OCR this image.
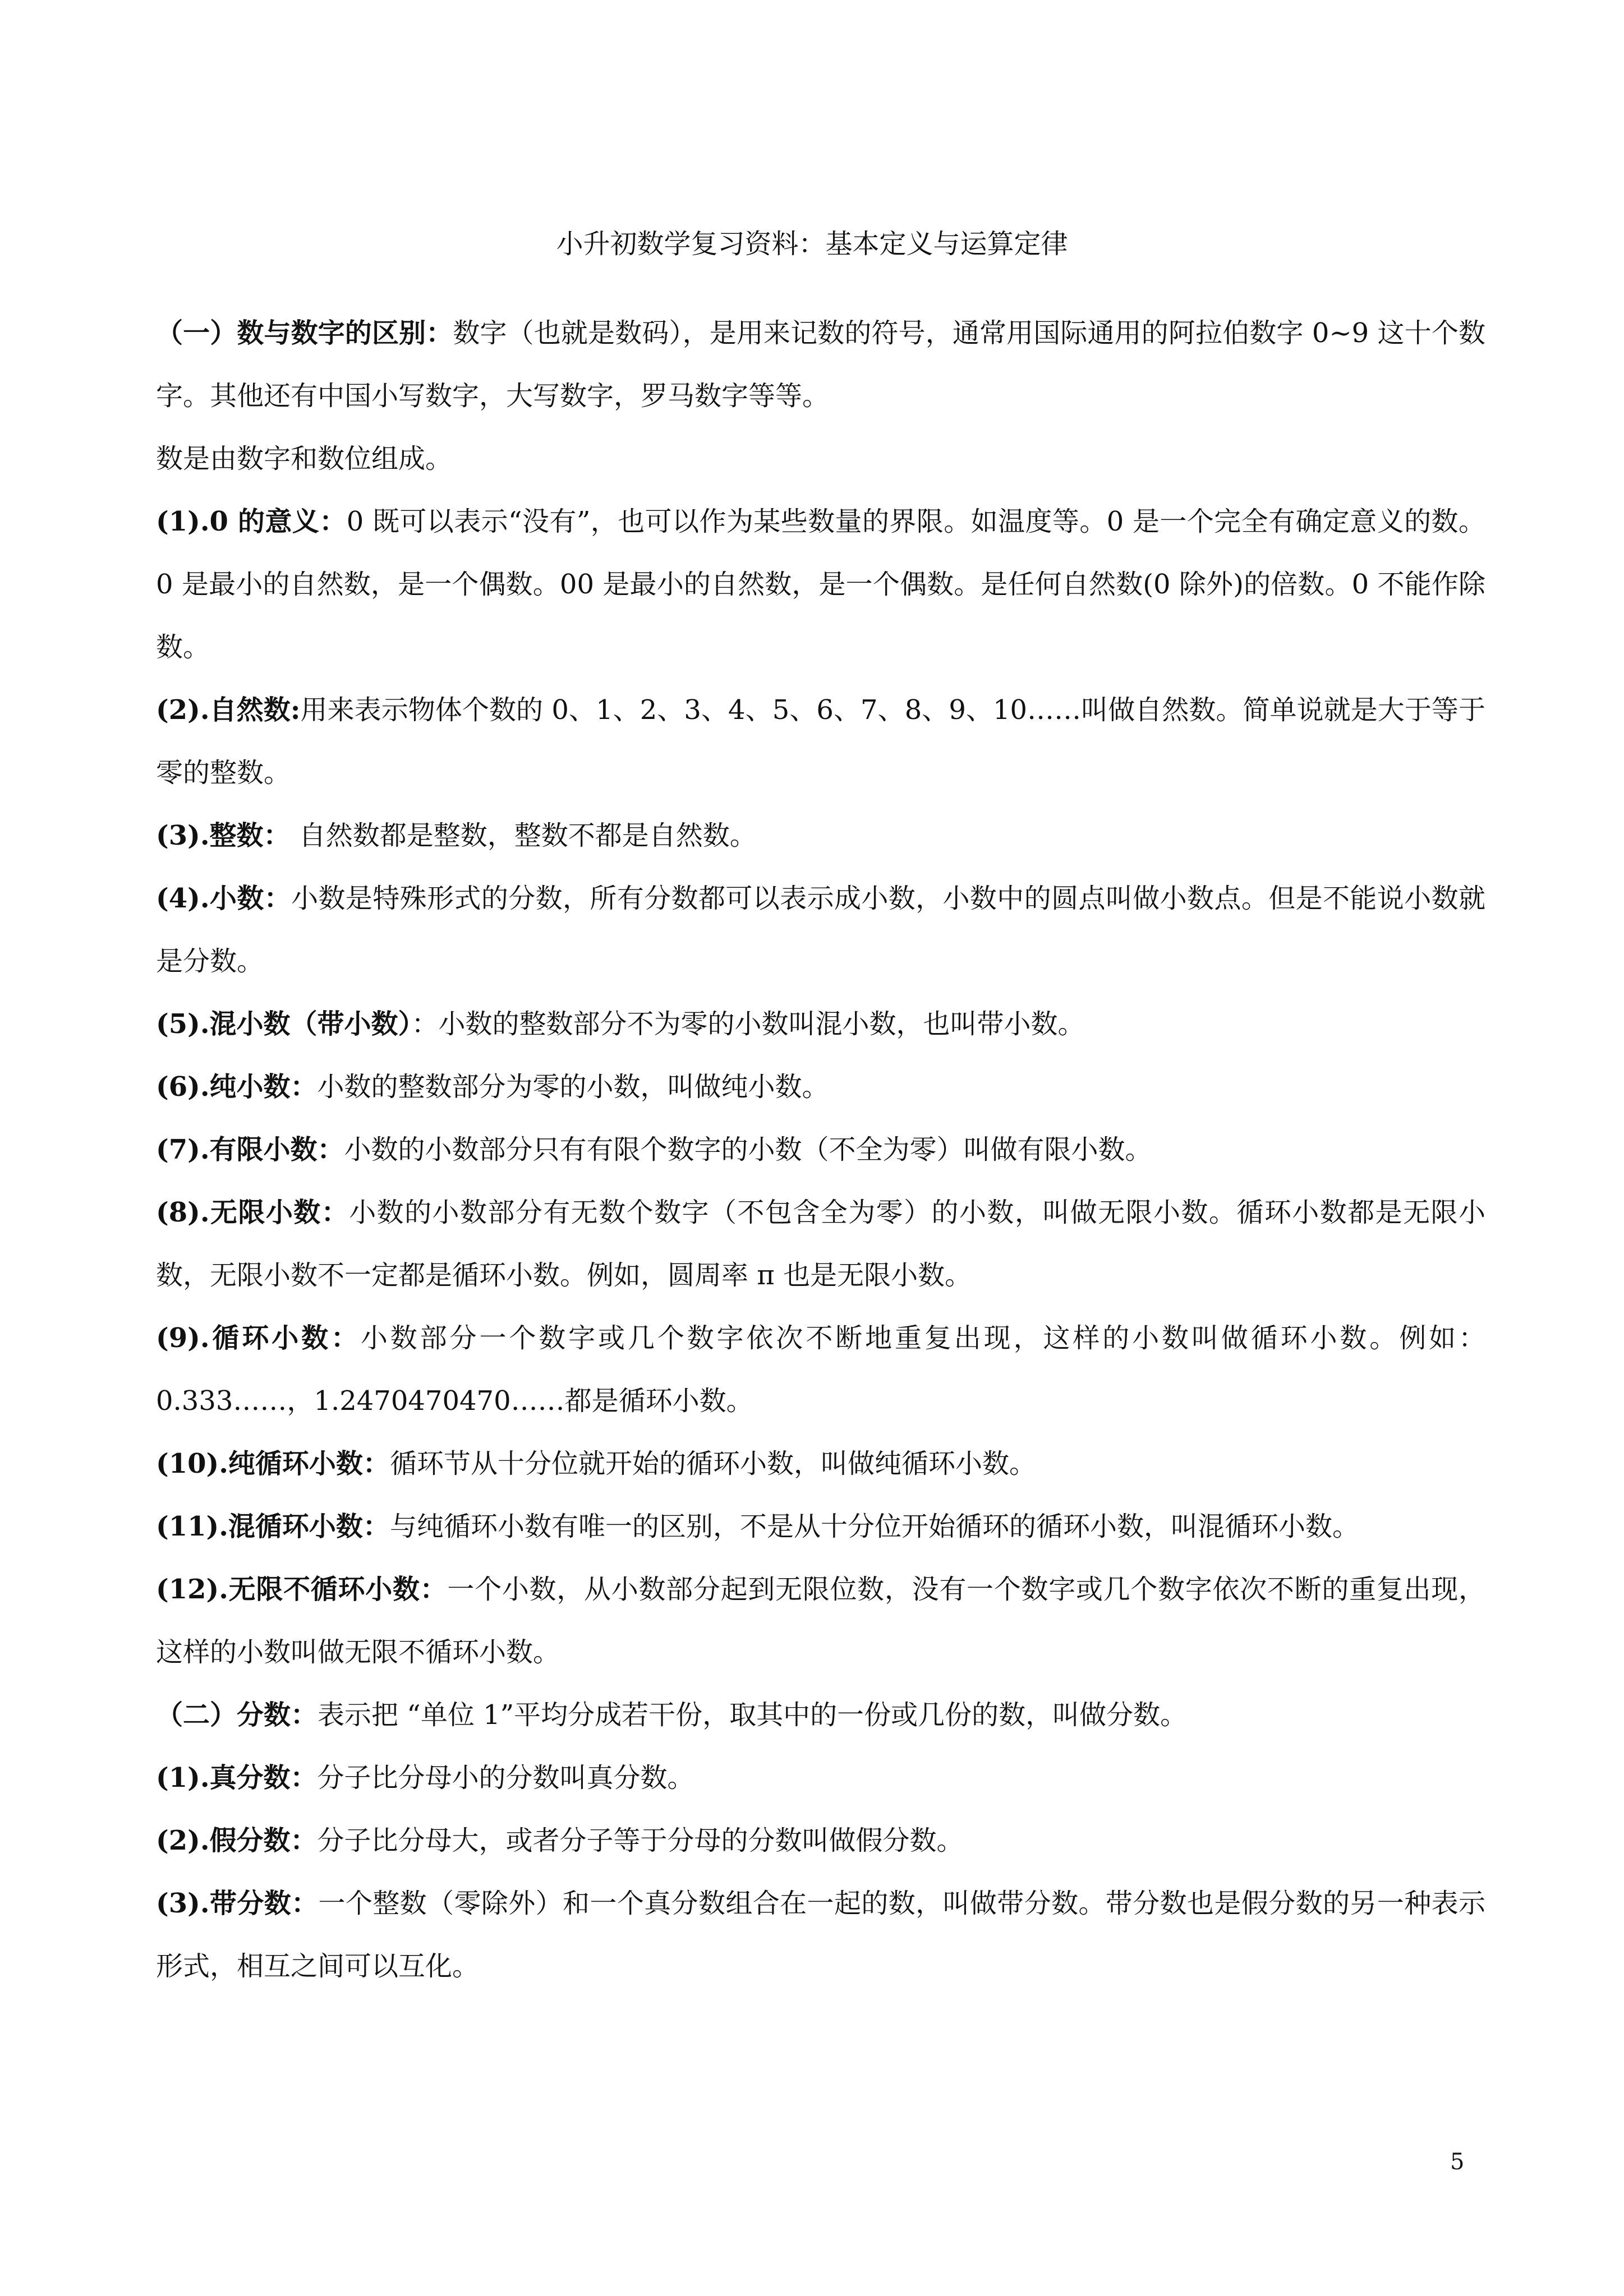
小升初数学复习资料：基本定义与运算定律
（一）数与数字的区别：数字（也就是数码），是用来记数的符号，通常用国际通用的阿拉伯数字 0~9 这十个数字。其他还有中国小写数字，大写数字，罗马数字等等。
数是由数字和数位组成。
(1).0 的意义：0 既可以表示“没有”，也可以作为某些数量的界限。如温度等。0 是一个完全有确定意义的数。0 是最小的自然数，是一个偶数。00 是最小的自然数，是一个偶数。是任何自然数(0 除外)的倍数。0 不能作除数。
(2).自然数:用来表示物体个数的 0、1、2、3、4、5、6、7、8、9、10……叫做自然数。简单说就是大于等于零的整数。
(3).整数： 自然数都是整数，整数不都是自然数。
(4).小数：小数是特殊形式的分数，所有分数都可以表示成小数，小数中的圆点叫做小数点。但是不能说小数就是分数。
(5).混小数（带小数）：小数的整数部分不为零的小数叫混小数，也叫带小数。
(6).纯小数：小数的整数部分为零的小数，叫做纯小数。
(7).有限小数：小数的小数部分只有有限个数字的小数（不全为零）叫做有限小数。
(8).无限小数：小数的小数部分有无数个数字（不包含全为零）的小数，叫做无限小数。循环小数都是无限小数，无限小数不一定都是循环小数。例如，圆周率 π 也是无限小数。
(9).循环小数：小数部分一个数字或几个数字依次不断地重复出现，这样的小数叫做循环小数。例如：0.333……，1.2470470470……都是循环小数。
(10).纯循环小数：循环节从十分位就开始的循环小数，叫做纯循环小数。
(11).混循环小数：与纯循环小数有唯一的区别，不是从十分位开始循环的循环小数，叫混循环小数。
(12).无限不循环小数：一个小数，从小数部分起到无限位数，没有一个数字或几个数字依次不断的重复出现，这样的小数叫做无限不循环小数。
（二）分数：表示把 “单位 1”平均分成若干份，取其中的一份或几份的数，叫做分数。
(1).真分数：分子比分母小的分数叫真分数。
(2).假分数：分子比分母大，或者分子等于分母的分数叫做假分数。
(3).带分数：一个整数（零除外）和一个真分数组合在一起的数，叫做带分数。带分数也是假分数的另一种表示形式，相互之间可以互化。
5
